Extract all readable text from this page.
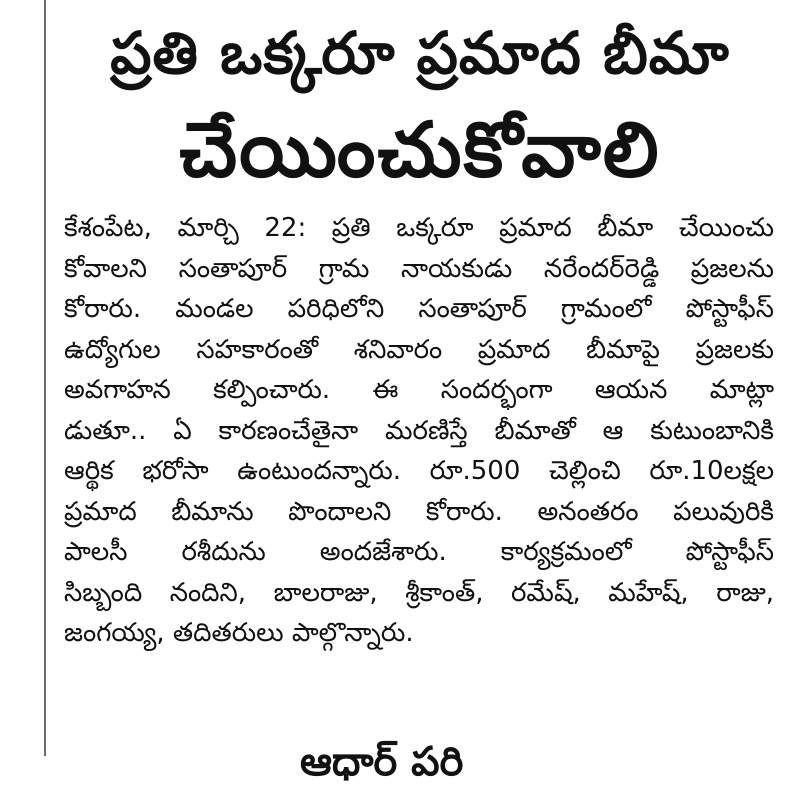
ప్రతి ఒక్కరూ ప్రమాద బీమా
చేయించుకోవాలి
కేశంపేట, మార్చి 22: ప్రతి ఒక్కరూ ప్రమాద బీమా చేయించు
కోవాలని సంతాపూర్ గ్రామ నాయకుడు నరేందర్‌రెడ్డి ప్రజలను
కోరారు. మండల పరిధిలోని సంతాపూర్ గ్రామంలో పోస్టాఫీస్
ఉద్యోగుల సహకారంతో శనివారం ప్రమాద బీమాపై ప్రజలకు
అవగాహన కల్పించారు. ఈ సందర్భంగా ఆయన మాట్లా
డుతూ.. ఏ కారణంచేతైనా మరణిస్తే బీమాతో ఆ కుటుంబానికి
ఆర్థిక భరోసా ఉంటుందన్నారు. రూ.500 చెల్లించి రూ.10లక్షల
ప్రమాద బీమాను పొందాలని కోరారు. అనంతరం పలువురికి
పాలసీ రశీదును అందజేశారు. కార్యక్రమంలో పోస్టాఫీస్
సిబ్బంది నందిని, బాలరాజు, శ్రీకాంత్, రమేష్, మహేష్, రాజు,
జంగయ్య, తదితరులు పాల్గొన్నారు.
ఆధార్ పరి
